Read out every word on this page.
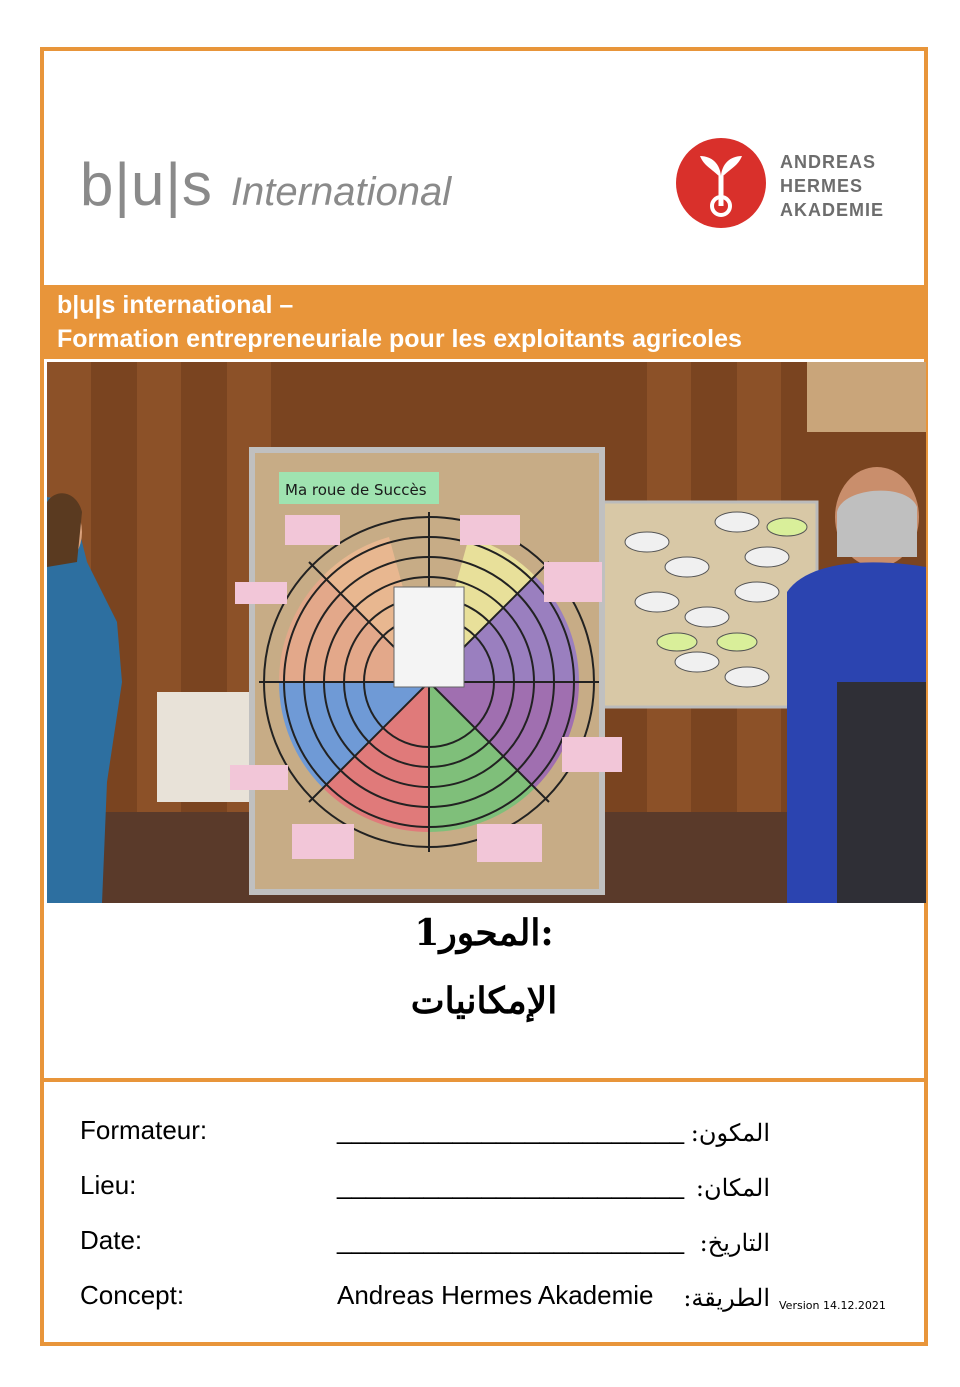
b|u|s International
ANDREAS
HERMES
AKADEMIE
b|u|s international –
Formation entrepreneuriale pour les exploitants agricoles
Ma roue de Succès
المحور1:
الإمكانيات
Formateur:	________________________ المكون:
Lieu:	________________________ المكان:
Date:	________________________ التاريخ:
Concept:	Andreas Hermes Akademie الطريقة: Version 14.12.2021
